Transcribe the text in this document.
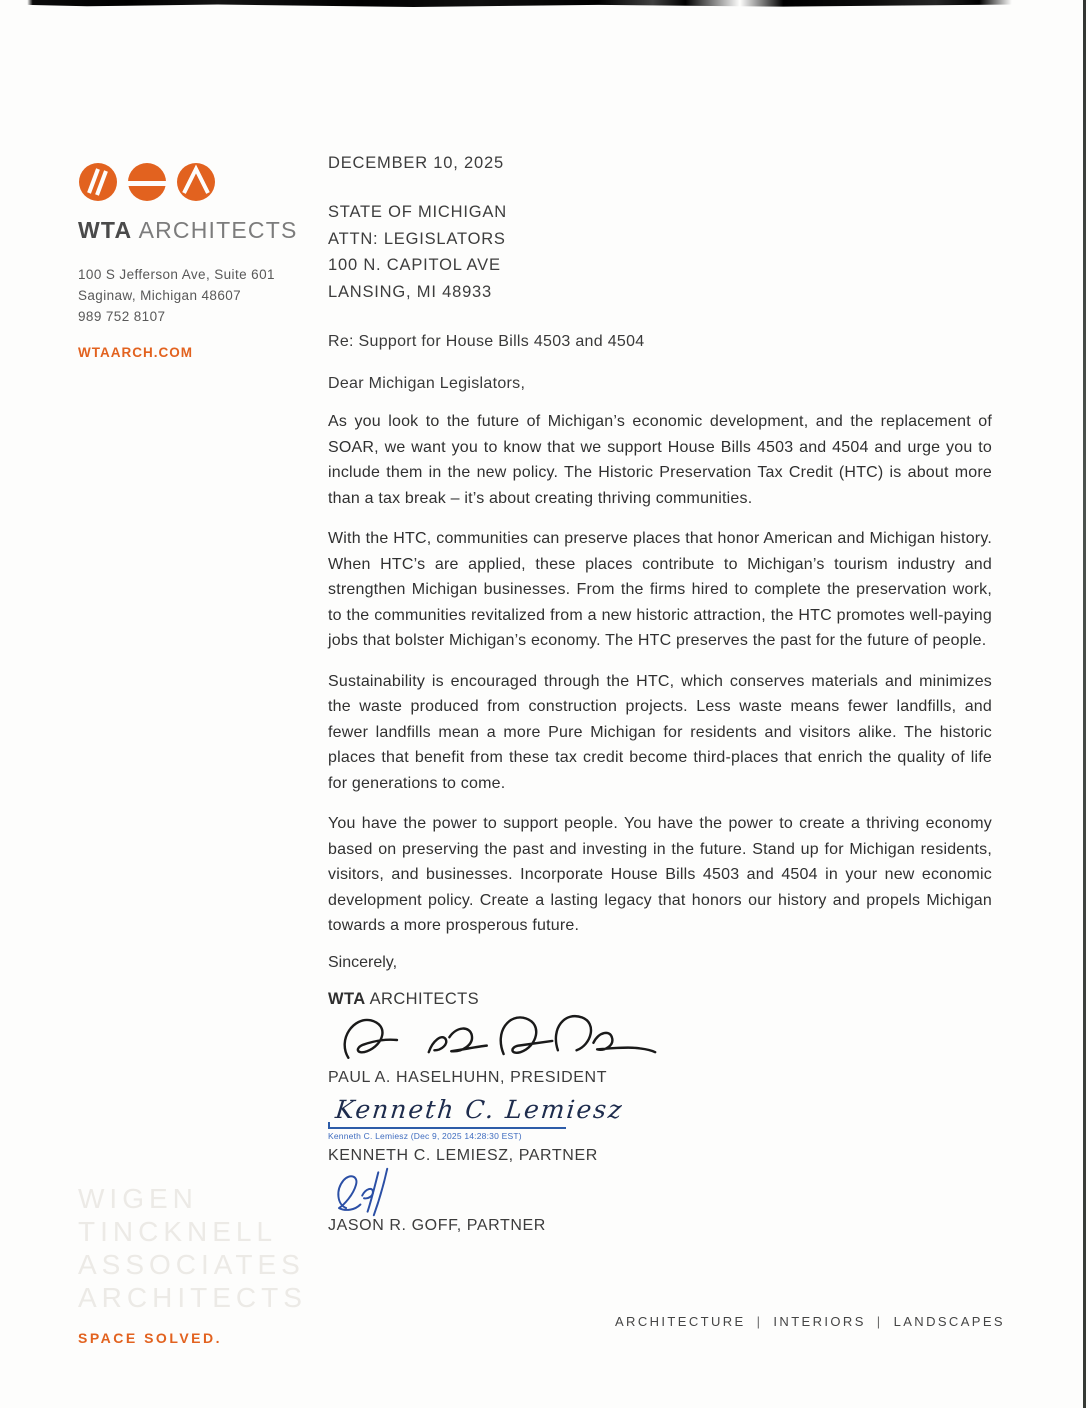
WTA ARCHITECTS
100 S Jefferson Ave, Suite 601
Saginaw, Michigan 48607
989 752 8107
WTAARCH.COM
WIGEN
TINCKNELL
ASSOCIATES
ARCHITECTS
SPACE SOLVED.
DECEMBER 10, 2025
STATE OF MICHIGAN
ATTN: LEGISLATORS
100 N. CAPITOL AVE
LANSING, MI 48933
Re: Support for House Bills 4503 and 4504
Dear Michigan Legislators,

As you look to the future of Michigan’s economic development, and the replacement of SOAR, we want you to know that we support House Bills 4503 and 4504 and urge you to include them in the new policy. The Historic Preservation Tax Credit (HTC) is about more than a tax break – it’s about creating thriving communities.

With the HTC, communities can preserve places that honor American and Michigan history. When HTC’s are applied, these places contribute to Michigan’s tourism industry and strengthen Michigan businesses. From the firms hired to complete the preservation work, to the communities revitalized from a new historic attraction, the HTC promotes well-paying jobs that bolster Michigan’s economy. The HTC preserves the past for the future of people.

Sustainability is encouraged through the HTC, which conserves materials and minimizes the waste produced from construction projects. Less waste means fewer landfills, and fewer landfills mean a more Pure Michigan for residents and visitors alike. The historic places that benefit from these tax credit become third-places that enrich the quality of life for generations to come.

You have the power to support people. You have the power to create a thriving economy based on preserving the past and investing in the future. Stand up for Michigan residents, visitors, and businesses. Incorporate House Bills 4503 and 4504 in your new economic development policy. Create a lasting legacy that honors our history and propels Michigan towards a more prosperous future.

Sincerely,
WTA ARCHITECTS
PAUL A. HASELHUHN, PRESIDENT
Kenneth C. Lemiesz
Kenneth C. Lemiesz (Dec 9, 2025 14:28:30 EST)
KENNETH C. LEMIESZ, PARTNER
JASON R. GOFF, PARTNER
ARCHITECTURE | INTERIORS | LANDSCAPES
